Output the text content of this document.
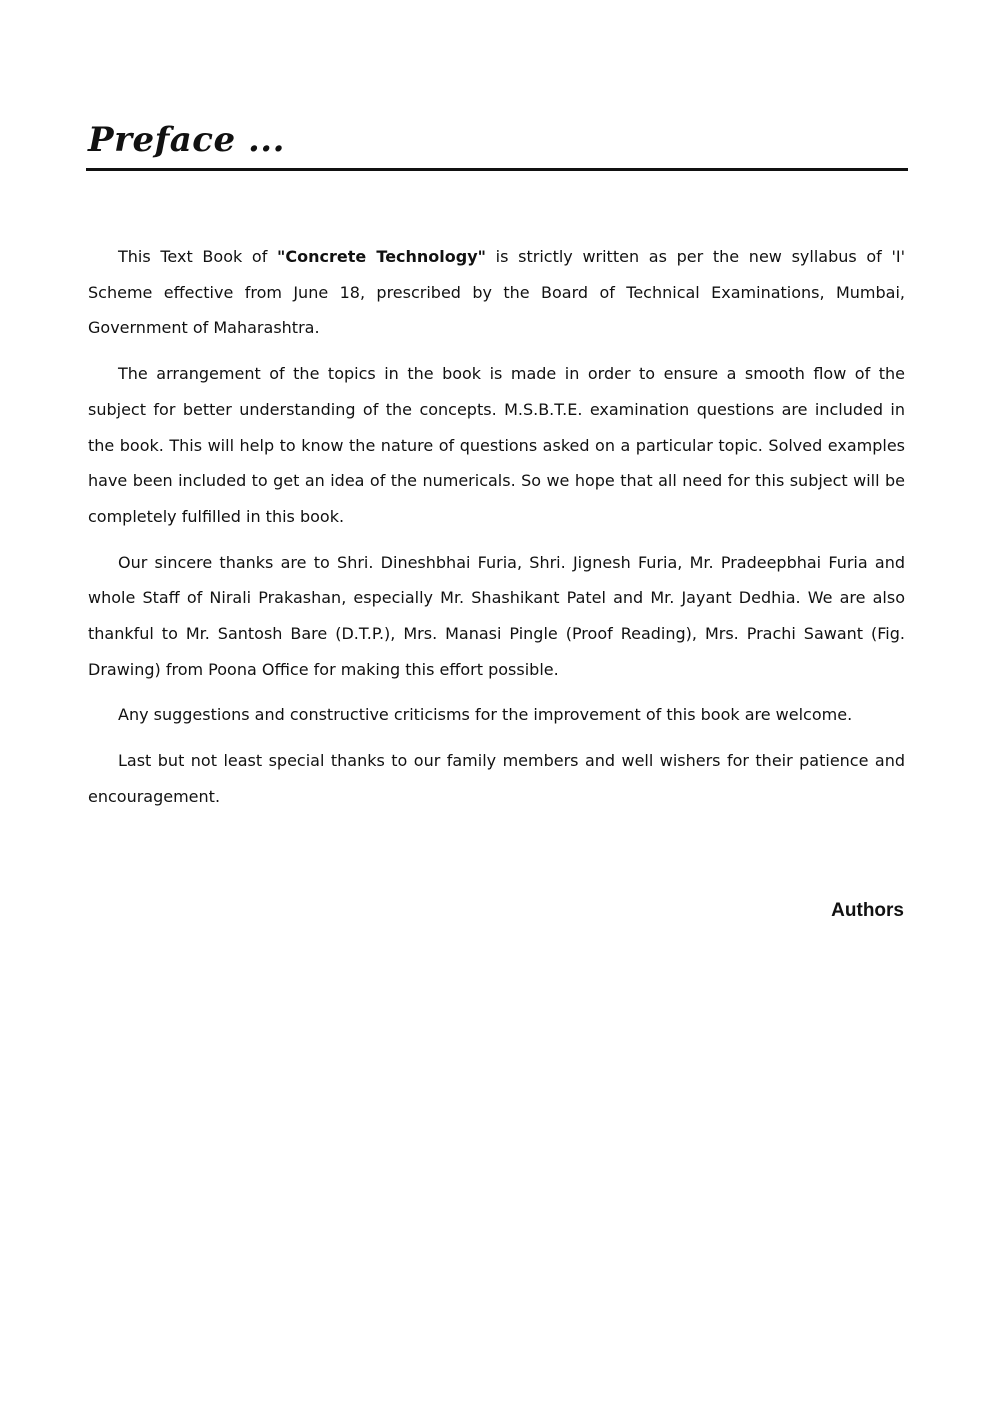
Preface ...

This Text Book of "Concrete Technology" is strictly written as per the new syllabus of 'I' Scheme effective from June 18, prescribed by the Board of Technical Examinations, Mumbai, Government of Maharashtra.

The arrangement of the topics in the book is made in order to ensure a smooth flow of the subject for better understanding of the concepts. M.S.B.T.E. examination questions are included in the book. This will help to know the nature of questions asked on a particular topic. Solved examples have been included to get an idea of the numericals. So we hope that all need for this subject will be completely fulfilled in this book.

Our sincere thanks are to Shri. Dineshbhai Furia, Shri. Jignesh Furia, Mr. Pradeepbhai Furia and whole Staff of Nirali Prakashan, especially Mr. Shashikant Patel and Mr. Jayant Dedhia. We are also thankful to Mr. Santosh Bare (D.T.P.), Mrs. Manasi Pingle (Proof Reading), Mrs. Prachi Sawant (Fig. Drawing) from Poona Office for making this effort possible.

Any suggestions and constructive criticisms for the improvement of this book are welcome.

Last but not least special thanks to our family members and well wishers for their patience and encouragement.

Authors
